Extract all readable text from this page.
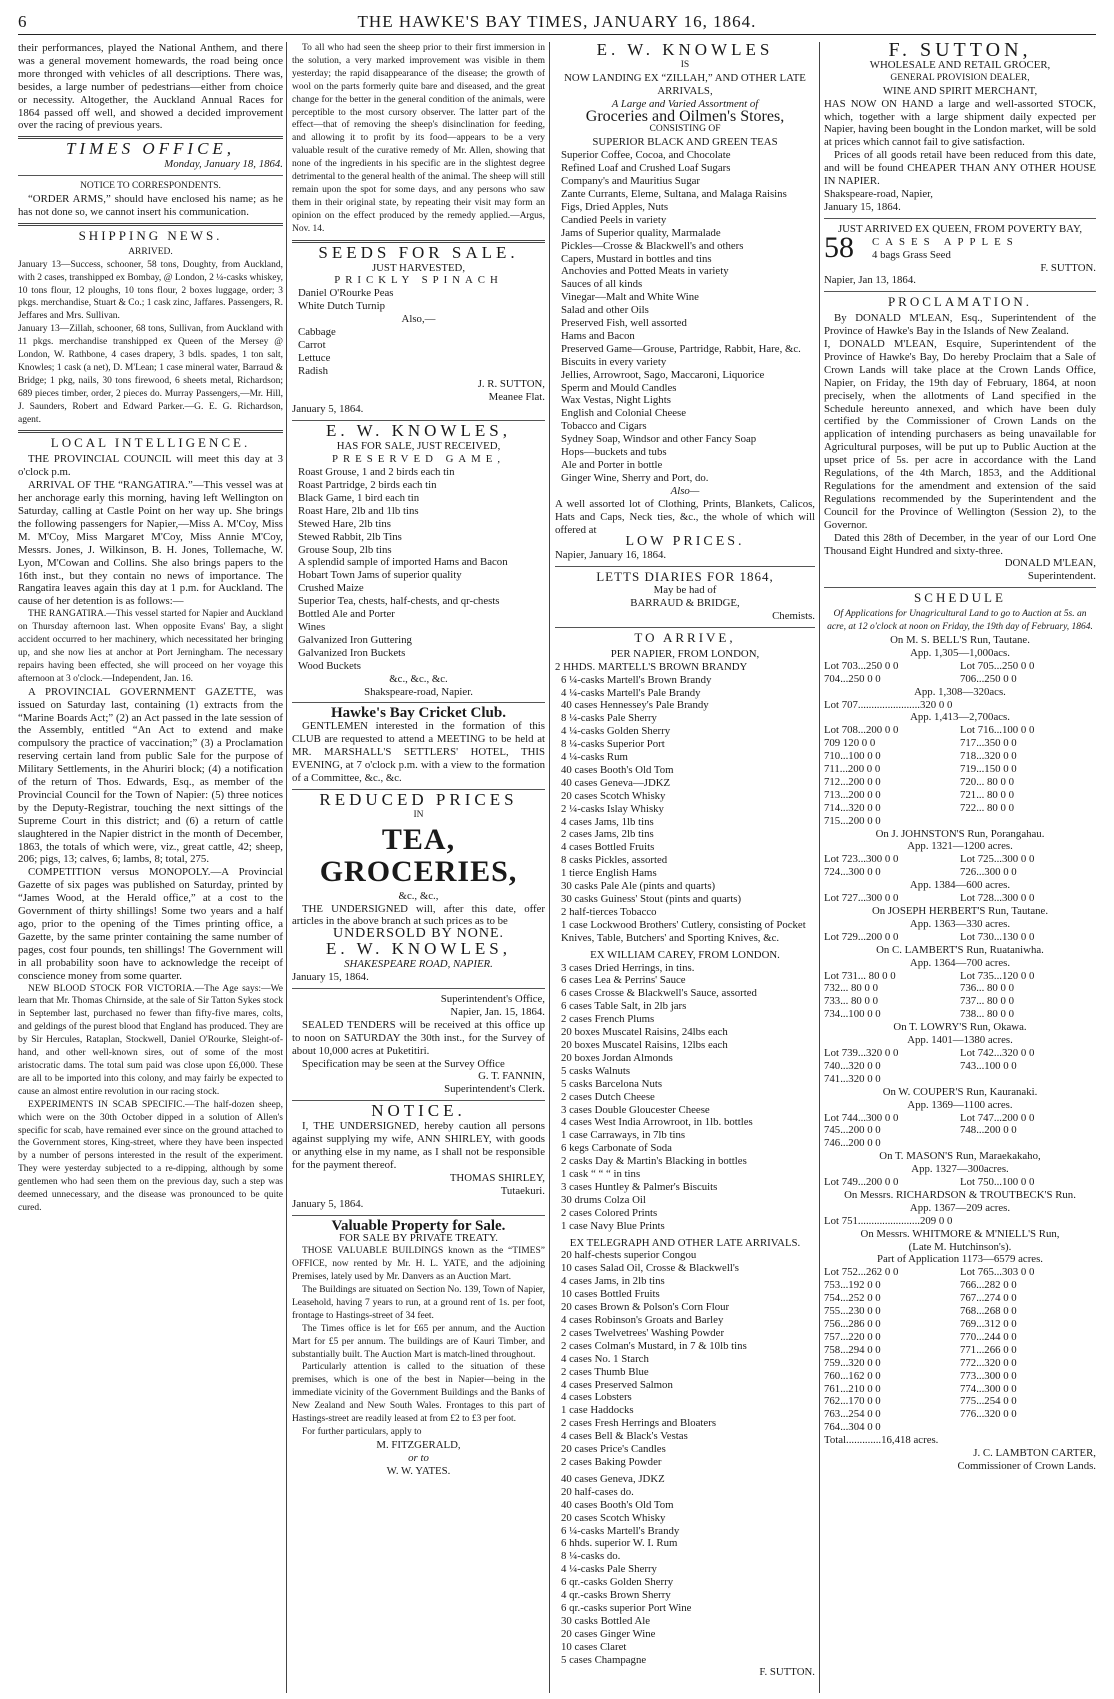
6	THE HAWKE'S BAY TIMES, JANUARY 16, 1864.

their performances, played the National Anthem, and there was a general movement homewards, the road being once more thronged with vehicles of all descriptions. There was, besides, a large number of pedestrians—either from choice or necessity. Altogether, the Auckland Annual Races for 1864 passed off well, and showed a decided improvement over the racing of previous years.

TIMES OFFICE,
Monday, January 18, 1864.
NOTICE TO CORRESPONDENTS.

“ORDER ARMS,” should have enclosed his name; as he has not done so, we cannot insert his communication.

SHIPPING NEWS.
ARRIVED.

January 13—Success, schooner, 58 tons, Doughty, from Auckland, with 2 cases, transhipped ex Bombay, @ London, 2 ¼-casks whiskey, 10 tons flour, 12 ploughs, 10 tons flour, 2 boxes luggage, order; 3 pkgs. merchandise, Stuart & Co.; 1 cask zinc, Jaffares. Passengers, R. Jeffares and Mrs. Sullivan.

January 13—Zillah, schooner, 68 tons, Sullivan, from Auckland with 11 pkgs. merchandise transhipped ex Queen of the Mersey @ London, W. Rathbone, 4 cases drapery, 3 bdls. spades, 1 ton salt, Knowles; 1 cask (a net), D. M'Lean; 1 case mineral water, Barraud & Bridge; 1 pkg, nails, 30 tons firewood, 6 sheets metal, Richardson; 689 pieces timber, order, 2 pieces do. Murray Passengers,—Mr. Hill, J. Saunders, Robert and Edward Parker.—G. E. G. Richardson, agent.

LOCAL INTELLIGENCE.

THE PROVINCIAL COUNCIL will meet this day at 3 o'clock p.m.

ARRIVAL OF THE “RANGATIRA.”—This vessel was at her anchorage early this morning, having left Wellington on Saturday, calling at Castle Point on her way up. She brings the following passengers for Napier,—Miss A. M'Coy, Miss M. M'Coy, Miss Margaret M'Coy, Miss Annie M'Coy, Messrs. Jones, J. Wilkinson, B. H. Jones, Tollemache, W. Lyon, M'Cowan and Collins. She also brings papers to the 16th inst., but they contain no news of importance. The Rangatira leaves again this day at 1 p.m. for Auckland. The cause of her detention is as follows:—

THE RANGATIRA.—This vessel started for Napier and Auckland on Thursday afternoon last. When opposite Evans' Bay, a slight accident occurred to her machinery, which necessitated her bringing up, and she now lies at anchor at Port Jerningham. The necessary repairs having been effected, she will proceed on her voyage this afternoon at 3 o'clock.—Independent, Jan. 16.

A PROVINCIAL GOVERNMENT GAZETTE, was issued on Saturday last, containing (1) extracts from the “Marine Boards Act;” (2) an Act passed in the late session of the Assembly, entitled “An Act to extend and make compulsory the practice of vaccination;” (3) a Proclamation reserving certain land from public Sale for the purpose of Military Settlements, in the Ahuriri block; (4) a notification of the return of Thos. Edwards, Esq., as member of the Provincial Council for the Town of Napier: (5) three notices by the Deputy-Registrar, touching the next sittings of the Supreme Court in this district; and (6) a return of cattle slaughtered in the Napier district in the month of December, 1863, the totals of which were, viz., great cattle, 42; sheep, 206; pigs, 13; calves, 6; lambs, 8; total, 275.

COMPETITION versus MONOPOLY.—A Provincial Gazette of six pages was published on Saturday, printed by “James Wood, at the Herald office,” at a cost to the Government of thirty shillings! Some two years and a half ago, prior to the opening of the Times printing office, a Gazette, by the same printer containing the same number of pages, cost four pounds, ten shillings! The Government will in all probability soon have to acknowledge the receipt of conscience money from some quarter.

NEW BLOOD STOCK FOR VICTORIA.—The Age says:—We learn that Mr. Thomas Chirnside, at the sale of Sir Tatton Sykes stock in September last, purchased no fewer than fifty-five mares, colts, and geldings of the purest blood that England has produced. They are by Sir Hercules, Rataplan, Stockwell, Daniel O'Rourke, Sleight-of-hand, and other well-known sires, out of some of the most aristocratic dams. The total sum paid was close upon £6,000. These are all to be imported into this colony, and may fairly be expected to cause an almost entire revolution in our racing stock.

EXPERIMENTS IN SCAB SPECIFIC.—The half-dozen sheep, which were on the 30th October dipped in a solution of Allen's specific for scab, have remained ever since on the ground attached to the Government stores, King-street, where they have been inspected by a number of persons interested in the result of the experiment. They were yesterday subjected to a re-dipping, although by some gentlemen who had seen them on the previous day, such a step was deemed unnecessary, and the disease was pronounced to be quite cured.

To all who had seen the sheep prior to their first immersion in the solution, a very marked improvement was visible in them yesterday; the rapid disappearance of the disease; the growth of wool on the parts formerly quite bare and diseased, and the great change for the better in the general condition of the animals, were perceptible to the most cursory observer. The latter part of the effect—that of removing the sheep's disinclination for feeding, and allowing it to profit by its food—appears to be a very valuable result of the curative remedy of Mr. Allen, showing that none of the ingredients in his specific are in the slightest degree detrimental to the general health of the animal. The sheep will still remain upon the spot for some days, and any persons who saw them in their original state, by repeating their visit may form an opinion on the effect produced by the remedy applied.—Argus, Nov. 14.

SEEDS FOR SALE.
JUST HARVESTED,
PRICKLY SPINACH
Daniel O'Rourke Peas
White Dutch Turnip
Also,—
Cabbage
Carrot
Lettuce
Radish
J. R. SUTTON,
Meanee Flat.
January 5, 1864.
E. W. KNOWLES,
HAS FOR SALE, JUST RECEIVED,
PRESERVED GAME,
Roast Grouse, 1 and 2 birds each tin
Roast Partridge, 2 birds each tin
Black Game, 1 bird each tin
Roast Hare, 2lb and 1lb tins
Stewed Hare, 2lb tins
Stewed Rabbit, 2lb Tins
Grouse Soup, 2lb tins
A splendid sample of imported Hams and Bacon
Hobart Town Jams of superior quality
Crushed Maize
Superior Tea, chests, half-chests, and qr-chests
Bottled Ale and Porter
Wines
Galvanized Iron Guttering
Galvanized Iron Buckets
Wood Buckets
&c., &c., &c.
Shakspeare-road, Napier.
Hawke's Bay Cricket Club.

GENTLEMEN interested in the formation of this CLUB are requested to attend a MEETING to be held at MR. MARSHALL'S SETTLERS' HOTEL, THIS EVENING, at 7 o'clock p.m. with a view to the formation of a Committee, &c., &c.

REDUCED PRICES
IN
TEA, GROCERIES,
&c., &c.,

THE UNDERSIGNED will, after this date, offer articles in the above branch at such prices as to be

UNDERSOLD BY NONE.
E. W. KNOWLES,
SHAKESPEARE ROAD, NAPIER.
January 15, 1864.
Superintendent's Office,
Napier, Jan. 15, 1864.

SEALED TENDERS will be received at this office up to noon on SATURDAY the 30th inst., for the Survey of about 10,000 acres at Puketitiri.

Specification may be seen at the Survey Office

G. T. FANNIN,
Superintendent's Clerk.
NOTICE.

I, THE UNDERSIGNED, hereby caution all persons against supplying my wife, ANN SHIRLEY, with goods or anything else in my name, as I shall not be responsible for the payment thereof.

THOMAS SHIRLEY,
Tutaekuri.
January 5, 1864.
Valuable Property for Sale.
FOR SALE BY PRIVATE TREATY.

THOSE VALUABLE BUILDINGS known as the “TIMES” OFFICE, now rented by Mr. H. L. YATE, and the adjoining Premises, lately used by Mr. Danvers as an Auction Mart.

The Buildings are situated on Section No. 139, Town of Napier, Leasehold, having 7 years to run, at a ground rent of 1s. per foot, frontage to Hastings-street of 34 feet.

The Times office is let for £65 per annum, and the Auction Mart for £5 per annum. The buildings are of Kauri Timber, and substantially built. The Auction Mart is match-lined throughout.

Particularly attention is called to the situation of these premises, which is one of the best in Napier—being in the immediate vicinity of the Government Buildings and the Banks of New Zealand and New South Wales. Frontages to this part of Hastings-street are readily leased at from £2 to £3 per foot.

For further particulars, apply to

M. FITZGERALD,
or to
W. W. YATES.
E. W. KNOWLES
IS
NOW LANDING EX “ZILLAH,” AND OTHER LATE ARRIVALS,
A Large and Varied Assortment of
Groceries and Oilmen's Stores,
CONSISTING OF
SUPERIOR BLACK AND GREEN TEAS
Superior Coffee, Cocoa, and Chocolate
Refined Loaf and Crushed Loaf Sugars
Company's and Mauritius Sugar
Zante Currants, Eleme, Sultana, and Malaga Raisins
Figs, Dried Apples, Nuts
Candied Peels in variety
Jams of Superior quality, Marmalade
Pickles—Crosse & Blackwell's and others
Capers, Mustard in bottles and tins
Anchovies and Potted Meats in variety
Sauces of all kinds
Vinegar—Malt and White Wine
Salad and other Oils
Preserved Fish, well assorted
Hams and Bacon
Preserved Game—Grouse, Partridge, Rabbit, Hare, &c.
Biscuits in every variety
Jellies, Arrowroot, Sago, Maccaroni, Liquorice
Sperm and Mould Candles
Wax Vestas, Night Lights
English and Colonial Cheese
Tobacco and Cigars
Sydney Soap, Windsor and other Fancy Soap
Hops—buckets and tubs
Ale and Porter in bottle
Ginger Wine, Sherry and Port, do.
Also—

A well assorted lot of Clothing, Prints, Blankets, Calicos, Hats and Caps, Neck ties, &c., the whole of which will offered at

LOW PRICES.
Napier, January 16, 1864.
LETTS DIARIES FOR 1864,
May be had of
BARRAUD & BRIDGE,
Chemists.
TO ARRIVE,
PER NAPIER, FROM LONDON,
2 HHDS. MARTELL'S BROWN BRANDY
6 ¼-casks Martell's Brown Brandy
4 ¼-casks Martell's Pale Brandy
40 cases Hennessey's Pale Brandy
8 ¼-casks Pale Sherry
4 ¼-casks Golden Sherry
8 ¼-casks Superior Port
4 ¼-casks Rum
40 cases Booth's Old Tom
40 cases Geneva—JDKZ
20 cases Scotch Whisky
2 ¼-casks Islay Whisky
4 cases Jams, 1lb tins
2 cases Jams, 2lb tins
4 cases Bottled Fruits
8 casks Pickles, assorted
1 tierce English Hams
30 casks Pale Ale (pints and quarts)
30 casks Guiness' Stout (pints and quarts)
2 half-tierces Tobacco
1 case Lockwood Brothers' Cutlery, consisting of Pocket Knives, Table, Butchers' and Sporting Knives, &c.
EX WILLIAM CAREY, FROM LONDON.
3 cases Dried Herrings, in tins.
6 cases Lea & Perrins' Sauce
6 cases Crosse & Blackwell's Sauce, assorted
6 cases Table Salt, in 2lb jars
2 cases French Plums
20 boxes Muscatel Raisins, 24lbs each
20 boxes Muscatel Raisins, 12lbs each
20 boxes Jordan Almonds
5 casks Walnuts
5 casks Barcelona Nuts
2 cases Dutch Cheese
3 cases Double Gloucester Cheese
4 cases West India Arrowroot, in 1lb. bottles
1 case Carraways, in 7lb tins
6 kegs Carbonate of Soda
2 casks Day & Martin's Blacking in bottles
1 cask “ “ “ in tins
3 cases Huntley & Palmer's Biscuits
30 drums Colza Oil
2 cases Colored Prints
1 case Navy Blue Prints
EX TELEGRAPH AND OTHER LATE ARRIVALS.
20 half-chests superior Congou
10 cases Salad Oil, Crosse & Blackwell's
4 cases Jams, in 2lb tins
10 cases Bottled Fruits
20 cases Brown & Polson's Corn Flour
4 cases Robinson's Groats and Barley
2 cases Twelvetrees' Washing Powder
2 cases Colman's Mustard, in 7 & 10lb tins
4 cases No. 1 Starch
2 cases Thumb Blue
4 cases Preserved Salmon
4 cases Lobsters
1 case Haddocks
2 cases Fresh Herrings and Bloaters
4 cases Bell & Black's Vestas
20 cases Price's Candles
2 cases Baking Powder
40 cases Geneva, JDKZ
20 half-cases do.
40 cases Booth's Old Tom
20 cases Scotch Whisky
6 ¼-casks Martell's Brandy
6 hhds. superior W. I. Rum
8 ¼-casks do.
4 ¼-casks Pale Sherry
6 qr.-casks Golden Sherry
4 qr.-casks Brown Sherry
6 qr.-casks superior Port Wine
30 casks Bottled Ale
20 cases Ginger Wine
10 cases Claret
5 cases Champagne
F. SUTTON.
F. SUTTON,
WHOLESALE AND RETAIL GROCER,
GENERAL PROVISION DEALER,
WINE AND SPIRIT MERCHANT,

HAS NOW ON HAND a large and well-assorted STOCK, which, together with a large shipment daily expected per Napier, having been bought in the London market, will be sold at prices which cannot fail to give satisfaction.

Prices of all goods retail have been reduced from this date, and will be found CHEAPER THAN ANY OTHER HOUSE IN NAPIER.

Shakspeare-road, Napier,
January 15, 1864.
JUST ARRIVED EX QUEEN, FROM POVERTY BAY,
58	CASES APPLES
4 bags Grass Seed
F. SUTTON.
Napier, Jan 13, 1864.
PROCLAMATION.

By DONALD M'LEAN, Esq., Superintendent of the Province of Hawke's Bay in the Islands of New Zealand.

I, DONALD M'LEAN, Esquire, Superintendent of the Province of Hawke's Bay, Do hereby Proclaim that a Sale of Crown Lands will take place at the Crown Lands Office, Napier, on Friday, the 19th day of February, 1864, at noon precisely, when the allotments of Land specified in the Schedule hereunto annexed, and which have been duly certified by the Commissioner of Crown Lands on the application of intending purchasers as being unavailable for Agricultural purposes, will be put up to Public Auction at the upset price of 5s. per acre in accordance with the Land Regulations, of the 4th March, 1853, and the Additional Regulations for the amendment and extension of the said Regulations recommended by the Superintendent and the Council for the Province of Wellington (Session 2), to the Governor.

Dated this 28th of December, in the year of our Lord One Thousand Eight Hundred and sixty-three.

DONALD M'LEAN,
Superintendent.
SCHEDULE
Of Applications for Unagricultural Land to go to Auction at 5s. an acre, at 12 o'clock at noon on Friday, the 19th day of February, 1864.
On M. S. BELL'S Run, Tautane.
App. 1,305—1,000acs.
Lot 703...250 0 0	Lot 705...250 0 0
704...250 0 0	706...250 0 0
App. 1,308—320acs.
Lot 707.......................320 0 0
App. 1,413—2,700acs.
Lot 708...200 0 0	Lot 716...100 0 0
709 120 0 0	717...350 0 0
710...100 0 0	718...320 0 0
711...200 0 0	719...150 0 0
712...200 0 0	720... 80 0 0
713...200 0 0	721... 80 0 0
714...320 0 0	722... 80 0 0
715...200 0 0
On J. JOHNSTON'S Run, Porangahau.
App. 1321—1200 acres.
Lot 723...300 0 0	Lot 725...300 0 0
724...300 0 0	726...300 0 0
App. 1384—600 acres.
Lot 727...300 0 0	Lot 728...300 0 0
On JOSEPH HERBERT'S Run, Tautane.
App. 1363—330 acres.
Lot 729...200 0 0	Lot 730...130 0 0
On C. LAMBERT'S Run, Ruataniwha.
App. 1364—700 acres.
Lot 731... 80 0 0	Lot 735...120 0 0
732... 80 0 0	736... 80 0 0
733... 80 0 0	737... 80 0 0
734...100 0 0	738... 80 0 0
On T. LOWRY'S Run, Okawa.
App. 1401—1380 acres.
Lot 739...320 0 0	Lot 742...320 0 0
740...320 0 0	743...100 0 0
741...320 0 0
On W. COUPER'S Run, Kauranaki.
App. 1369—1100 acres.
Lot 744...300 0 0	Lot 747...200 0 0
745...200 0 0	748...200 0 0
746...200 0 0
On T. MASON'S Run, Maraekakaho,
App. 1327—300acres.
Lot 749...200 0 0	Lot 750...100 0 0
On Messrs. RICHARDSON & TROUTBECK'S Run.
App. 1367—209 acres.
Lot 751.......................209 0 0
On Messrs. WHITMORE & M'NIELL'S Run,
(Late M. Hutchinson's).
Part of Application 1173—6579 acres.
Lot 752...262 0 0	Lot 765...303 0 0
753...192 0 0	766...282 0 0
754...252 0 0	767...274 0 0
755...230 0 0	768...268 0 0
756...286 0 0	769...312 0 0
757...220 0 0	770...244 0 0
758...294 0 0	771...266 0 0
759...320 0 0	772...320 0 0
760...162 0 0	773...300 0 0
761...210 0 0	774...300 0 0
762...170 0 0	775...254 0 0
763...254 0 0	776...320 0 0
764...304 0 0
Total.............16,418 acres.
J. C. LAMBTON CARTER,
Commissioner of Crown Lands.
